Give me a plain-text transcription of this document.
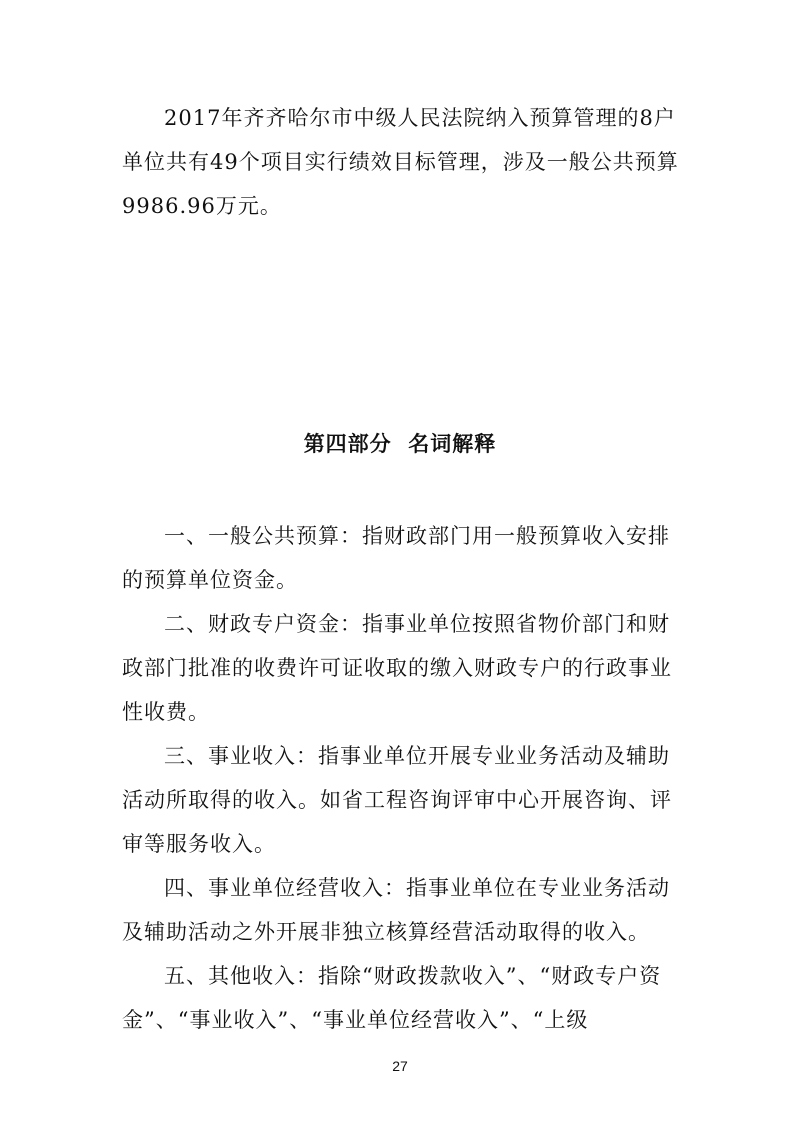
2017年齐齐哈尔市中级人民法院纳入预算管理的8户单位共有49个项目实行绩效目标管理，涉及一般公共预算9986.96万元。

第四部分  名词解释

一、一般公共预算：指财政部门用一般预算收入安排的预算单位资金。

二、财政专户资金：指事业单位按照省物价部门和财政部门批准的收费许可证收取的缴入财政专户的行政事业性收费。

三、事业收入：指事业单位开展专业业务活动及辅助活动所取得的收入。如省工程咨询评审中心开展咨询、评审等服务收入。

四、事业单位经营收入：指事业单位在专业业务活动及辅助活动之外开展非独立核算经营活动取得的收入。

五、其他收入：指除“财政拨款收入”、“财政专户资金”、“事业收入”、“事业单位经营收入”、“上级

27
